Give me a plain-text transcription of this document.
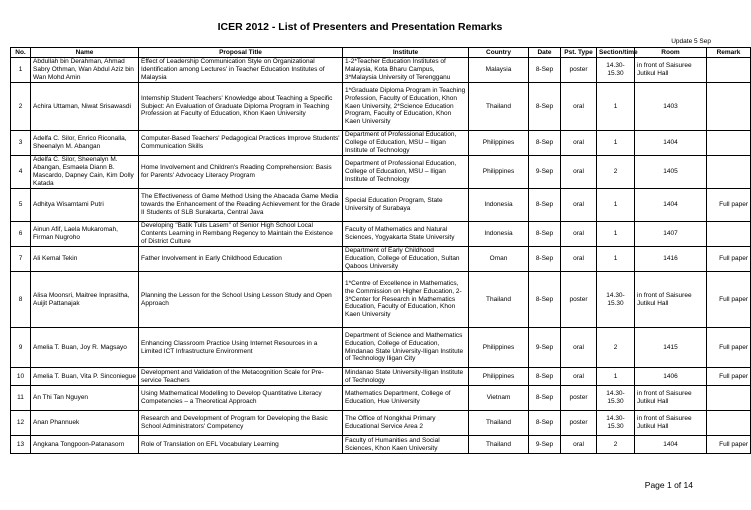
ICER 2012 - List of Presenters and Presentation Remarks
Update 5 Sep
No.	Name	Proposal Title	Institute	Country	Date	Pst. Type	Section/time	Room	Remark
1	Abdullah bin Derahman, Ahmad Sabry Othman, Wan Abdul Aziz bin Wan Mohd Amin	Effect of Leadership Communication Style on Organizational Identification among Lectures' in Teacher Education Institutes of Malaysia	1-2*Teacher Education Institutes of Malaysia, Kota Bharu Campus, 3*Malaysia University of Terengganu	Malaysia	8-Sep	poster	14.30-15.30	in front of Saisuree Jutikul Hall	
2	Achira Uttaman, Niwat Srisawasdi	Intemship Student Teachers' Knowledge about Teaching a Specific Subject: An Evaluation of Graduate Diploma Program in Teaching Profession at Faculty of Education, Khon Kaen University	1*Graduate Diploma Program in Teaching Profession, Faculty of Education, Khon Kaen University, 2*Science Education Program, Faculty of Education, Khon Kaen University	Thailand	8-Sep	oral	1	1403	
3	Adelfa C. Silor, Enrico Riconalla, Sheenalyn M. Abangan	Computer-Based Teachers' Pedagogical Practices Improve Students' Communication Skills	Department of Professional Education, College of Education, MSU – Iligan Institute of Technology	Philippines	8-Sep	oral	1	1404	
4	Adelfa C. Silor, Sheenalyn M. Abangan, Esmaela Diann B. Mascardo, Dapney Cain, Kim Dolly Katada	Home Involvement and Children's Reading Comprehension: Basis for Parents' Advocacy Literacy Program	Department of Professional Education, College of Education, MSU – Iligan Institute of Technology	Philippines	9-Sep	oral	2	1405	
5	Adhitya Wisamtami Putri	The Effectiveness of Game Method Using the Abacada Game Media towards the Enhancement of the Reading Achievement for the Grade II Students of SLB Surakarta, Central Java	Special Education Program, State University of Surabaya	Indonesia	8-Sep	oral	1	1404	Full paper
6	Ainun Afif, Laela Mukaromah, Firman Nugroho	Developing "Batik Tulis Lasem" of Senior High School Local Contents Learning in Rembang Regency to Maintain the Existence of District Culture	Faculty of Mathematics and Natural Sciences, Yogyakarta State University	Indonesia	8-Sep	oral	1	1407	
7	Ali Kemal Tekin	Father Involvement in Early Childhood Education	Department of Early Childhood Education, College of Education, Sultan Qaboos University	Oman	8-Sep	oral	1	1416	Full paper
8	Alisa Moonsri, Maitree Inprasitha, Auijit Pattanajak	Planning the Lesson for the School Using Lesson Study and Open Approach	1*Centre of Excellence in Mathematics, the Commission on Higher Education, 2-3*Center for Research in Mathematics Education, Faculty of Education, Khon Kaen University	Thailand	8-Sep	poster	14.30-15.30	in front of Saisuree Jutikul Hall	Full paper
9	Amelia T. Buan, Joy R. Magsayo	Enhancing Classroom Practice Using Internet Resources in a Limited ICT Infrastructure Environment	Department of Science and Mathematics Education, College of Education, Mindanao State University-Iligan Institute of Technology Iligan City	Philippines	9-Sep	oral	2	1415	Full paper
10	Amelia T. Buan, Vita P. Sinconiegue	Development and Validation of the Metacognition Scale for Pre-service Teachers	Mindanao State University-Iligan Institute of Technology	Philippines	8-Sep	oral	1	1406	Full paper
11	An Thi Tan Nguyen	Using Mathematical Modelling to Develop Quantitative Literacy Competencies – a Theoretical Approach	Mathematics Department, College of Education, Hue University	Vietnam	8-Sep	poster	14.30-15.30	in front of Saisuree Jutikul Hall	
12	Anan Phannuek	Research and Development of Program for Developing the Basic School Administrators' Competency	The Office of Nongkhai Primary Educational Service Area 2	Thailand	8-Sep	poster	14.30-15.30	in front of Saisuree Jutikul Hall	
13	Angkana Tongpoon-Patanasorn	Role of Translation on EFL Vocabulary Learning	Faculty of Humanities and Social Sciences, Khon Kaen University	Thailand	9-Sep	oral	2	1404	Full paper
Page 1 of 14
